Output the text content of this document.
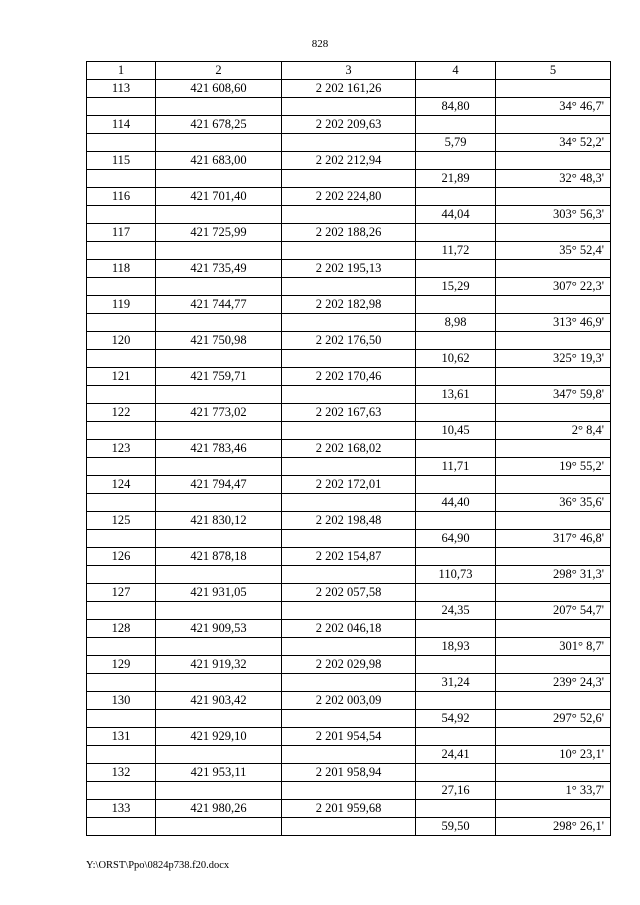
828
1	2	3	4	5
113	421 608,60	2 202 161,26		
			84,80	34° 46,7'
114	421 678,25	2 202 209,63		
			5,79	34° 52,2'
115	421 683,00	2 202 212,94		
			21,89	32° 48,3'
116	421 701,40	2 202 224,80		
			44,04	303° 56,3'
117	421 725,99	2 202 188,26		
			11,72	35° 52,4'
118	421 735,49	2 202 195,13		
			15,29	307° 22,3'
119	421 744,77	2 202 182,98		
			8,98	313° 46,9'
120	421 750,98	2 202 176,50		
			10,62	325° 19,3'
121	421 759,71	2 202 170,46		
			13,61	347° 59,8'
122	421 773,02	2 202 167,63		
			10,45	2° 8,4'
123	421 783,46	2 202 168,02		
			11,71	19° 55,2'
124	421 794,47	2 202 172,01		
			44,40	36° 35,6'
125	421 830,12	2 202 198,48		
			64,90	317° 46,8'
126	421 878,18	2 202 154,87		
			110,73	298° 31,3'
127	421 931,05	2 202 057,58		
			24,35	207° 54,7'
128	421 909,53	2 202 046,18		
			18,93	301° 8,7'
129	421 919,32	2 202 029,98		
			31,24	239° 24,3'
130	421 903,42	2 202 003,09		
			54,92	297° 52,6'
131	421 929,10	2 201 954,54		
			24,41	10° 23,1'
132	421 953,11	2 201 958,94		
			27,16	1° 33,7'
133	421 980,26	2 201 959,68		
			59,50	298° 26,1'
Y:\ORST\Ppo\0824p738.f20.docx
